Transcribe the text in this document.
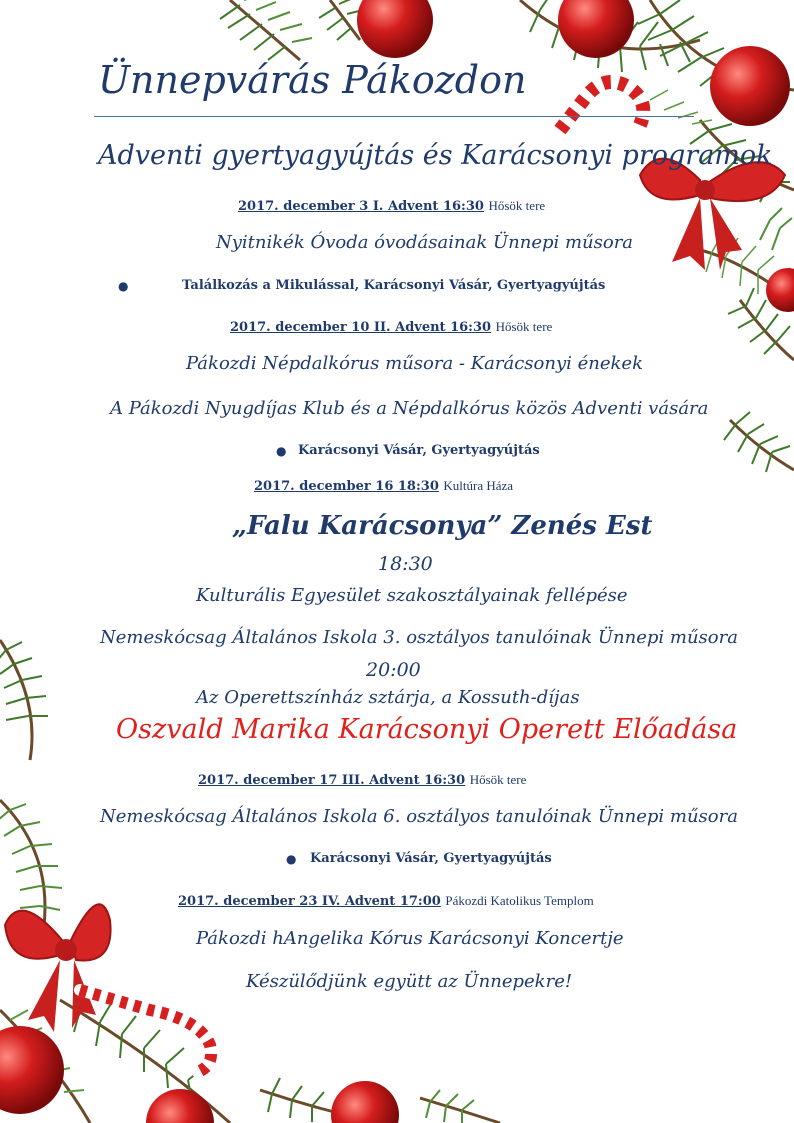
Ünnepvárás Pákozdon
Adventi gyertyagyújtás és Karácsonyi programok
2017. december 3 I. Advent 16:30 Hősök tere
Nyitnikék Óvoda óvodásainak Ünnepi műsora
●	Találkozás a Mikulással, Karácsonyi Vásár, Gyertyagyújtás
2017. december 10 II. Advent 16:30 Hősök tere
Pákozdi Népdalkórus műsora - Karácsonyi énekek
A Pákozdi Nyugdíjas Klub és a Népdalkórus közös Adventi vására
● Karácsonyi Vásár, Gyertyagyújtás
2017. december 16 18:30 Kultúra Háza
„Falu Karácsonya” Zenés Est
18:30
Kulturális Egyesület szakosztályainak fellépése
Nemeskócsag Általános Iskola 3. osztályos tanulóinak Ünnepi műsora
20:00
Az Operettszínház sztárja, a Kossuth-díjas
Oszvald Marika Karácsonyi Operett Előadása
2017. december 17 III. Advent 16:30 Hősök tere
Nemeskócsag Általános Iskola 6. osztályos tanulóinak Ünnepi műsora
● Karácsonyi Vásár, Gyertyagyújtás
2017. december 23 IV. Advent 17:00 Pákozdi Katolikus Templom
Pákozdi hAngelika Kórus Karácsonyi Koncertje
Készülődjünk együtt az Ünnepekre!
